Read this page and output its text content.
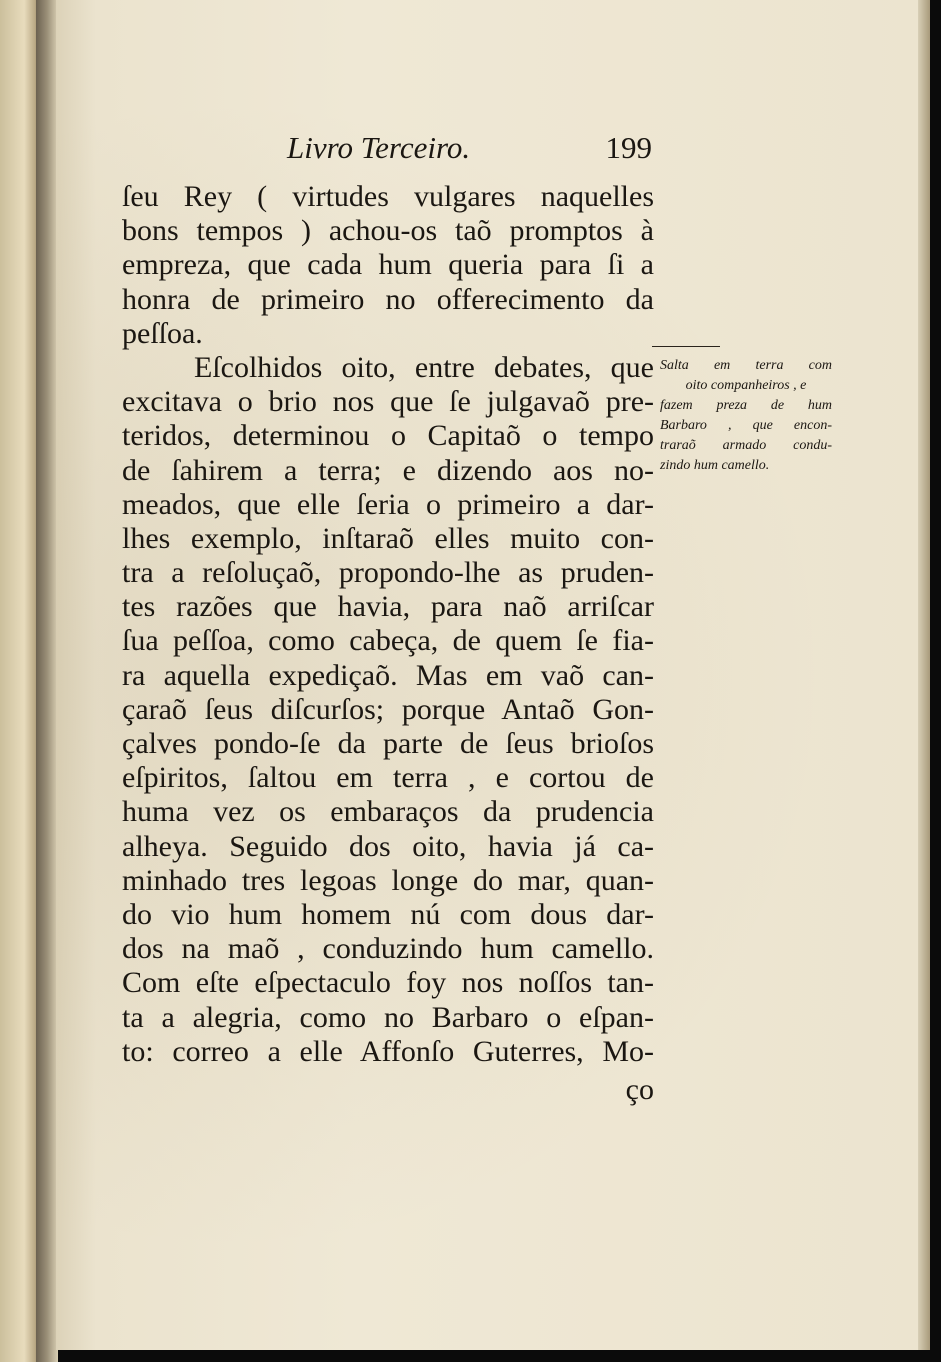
Livro Terceiro.	199
ſeu Rey ( virtudes vulgares naquelles
bons tempos ) achou-os taõ promptos à
empreza, que cada hum queria para ſi a
honra de primeiro no offerecimento da
peſſoa.
Eſcolhidos oito, entre debates, que
excitava o brio nos que ſe julgavaõ pre-
teridos, determinou o Capitaõ o tempo
de ſahirem a terra; e dizendo aos no-
meados, que elle ſeria o primeiro a dar-
lhes exemplo, inſtaraõ elles muito con-
tra a reſoluçaõ, propondo-lhe as pruden-
tes razões que havia, para naõ arriſcar
ſua peſſoa, como cabeça, de quem ſe fia-
ra aquella expediçaõ. Mas em vaõ can-
çaraõ ſeus diſcurſos; porque Antaõ Gon-
çalves pondo-ſe da parte de ſeus brioſos
eſpiritos, ſaltou em terra , e cortou de
huma vez os embaraços da prudencia
alheya. Seguido dos oito, havia já ca-
minhado tres legoas longe do mar, quan-
do vio hum homem nú com dous dar-
dos na maõ , conduzindo hum camello.
Com eſte eſpectaculo foy nos noſſos tan-
ta a alegria, como no Barbaro o eſpan-
to: correo a elle Affonſo Guterres, Mo-
ço
Salta em terra com
oito companheiros , e
fazem preza de hum
Barbaro , que encon-
traraõ armado condu-
zindo hum camello.
